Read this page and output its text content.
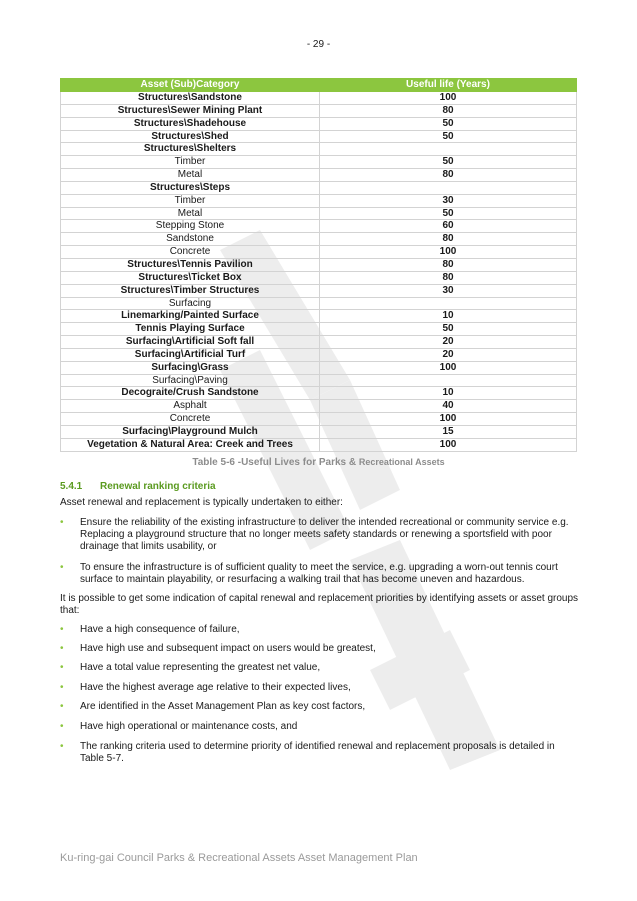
- 29 -
Asset (Sub)Category	Useful life (Years)
Structures\Sandstone	100
Structures\Sewer Mining Plant	80
Structures\Shadehouse	50
Structures\Shed	50
Structures\Shelters	
Timber	50
Metal	80
Structures\Steps	
Timber	30
Metal	50
Stepping Stone	60
Sandstone	80
Concrete	100
Structures\Tennis Pavilion	80
Structures\Ticket Box	80
Structures\Timber Structures	30
Surfacing	
Linemarking/Painted Surface	10
Tennis Playing Surface	50
Surfacing\Artificial Soft fall	20
Surfacing\Artificial Turf	20
Surfacing\Grass	100
Surfacing\Paving	
Decograite/Crush Sandstone	10
Asphalt	40
Concrete	100
Surfacing\Playground Mulch	15
Vegetation & Natural Area: Creek and Trees	100
Table 5-6 -Useful Lives for Parks & Recreational Assets
5.4.1 Renewal ranking criteria
Asset renewal and replacement is typically undertaken to either:
• Ensure the reliability of the existing infrastructure to deliver the intended recreational or community service e.g. Replacing a playground structure that no longer meets safety standards or renewing a sportsfield with poor drainage that limits usability, or
• To ensure the infrastructure is of sufficient quality to meet the service, e.g. upgrading a worn-out tennis court surface to maintain playability, or resurfacing a walking trail that has become uneven and hazardous.
It is possible to get some indication of capital renewal and replacement priorities by identifying assets or asset groups that:
• Have a high consequence of failure,
• Have high use and subsequent impact on users would be greatest,
• Have a total value representing the greatest net value,
• Have the highest average age relative to their expected lives,
• Are identified in the Asset Management Plan as key cost factors,
• Have high operational or maintenance costs, and
• The ranking criteria used to determine priority of identified renewal and replacement proposals is detailed in Table 5-7.
Ku-ring-gai Council Parks & Recreational Assets Asset Management Plan
